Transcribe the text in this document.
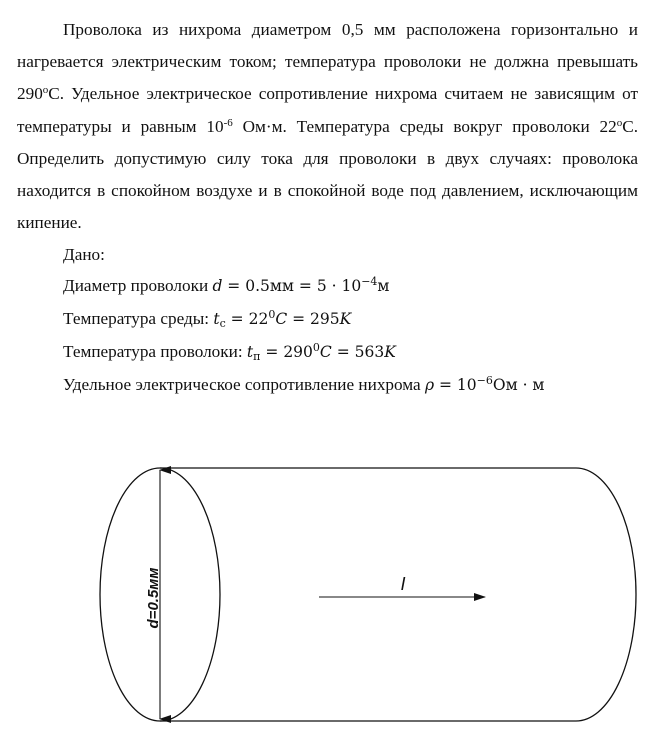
Проволока из нихрома диаметром 0,5 мм расположена горизонтально и нагревается электрическим током; температура проволоки не должна превышать $290^оС$. Удельное электрическое сопротивление нихрома считаем не зависящим от температуры и равным $10^{-6}$ Ом·м. Температура среды вокруг проволоки $22^оС$. Определить допустимую силу тока для проволоки в двух случаях: проволока находится в спокойном воздухе и в спокойной воде под давлением, исключающим кипение.

Дано:
Диаметр проволоки $d = 0.5мм = 5 \cdot 10^{-4}м$
Температура среды: $t_с = 22^0C = 295K$
Температура проволоки: $t_п = 290^0C = 563K$
Удельное электрическое сопротивление нихрома $\rho = 10^{-6}Ом \cdot м$
d=0.5мм	I
